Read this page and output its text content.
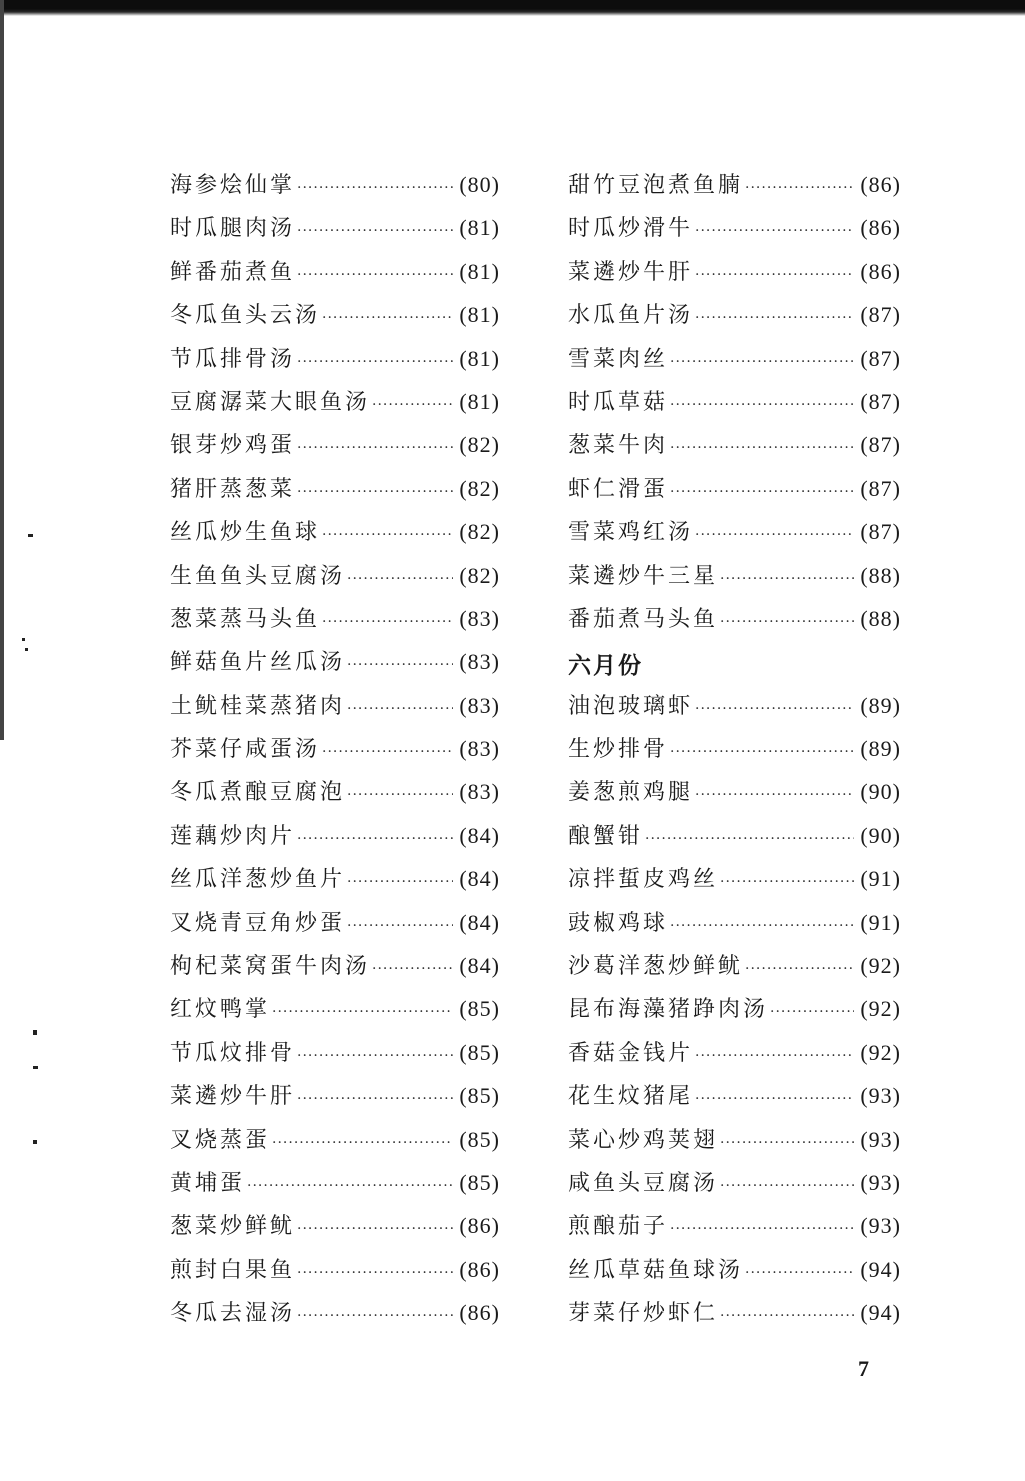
海参烩仙掌 ·····	(80)
时瓜腿肉汤 ·····	(81)
鲜番茄煮鱼 ·····	(81)
冬瓜鱼头云汤 ·····	(81)
节瓜排骨汤 ·····	(81)
豆腐潺菜大眼鱼汤 ·····	(81)
银芽炒鸡蛋 ·····	(82)
猪肝蒸葱菜 ·····	(82)
丝瓜炒生鱼球 ·····	(82)
生鱼鱼头豆腐汤 ·····	(82)
葱菜蒸马头鱼 ·····	(83)
鲜菇鱼片丝瓜汤 ·····	(83)
土鱿桂菜蒸猪肉 ·····	(83)
芥菜仔咸蛋汤 ·····	(83)
冬瓜煮酿豆腐泡 ·····	(83)
莲藕炒肉片 ·····	(84)
丝瓜洋葱炒鱼片 ·····	(84)
叉烧青豆角炒蛋 ·····	(84)
枸杞菜窝蛋牛肉汤 ·····	(84)
红炆鸭掌 ·····	(85)
节瓜炆排骨 ·····	(85)
菜遴炒牛肝 ·····	(85)
叉烧蒸蛋 ·····	(85)
黄埔蛋 ·····	(85)
葱菜炒鲜鱿 ·····	(86)
煎封白果鱼 ·····	(86)
冬瓜去湿汤 ·····	(86)
甜竹豆泡煮鱼腩 ·····	(86)
时瓜炒滑牛 ·····	(86)
菜遴炒牛肝 ·····	(86)
水瓜鱼片汤 ·····	(87)
雪菜肉丝 ·····	(87)
时瓜草菇 ·····	(87)
葱菜牛肉 ·····	(87)
虾仁滑蛋 ·····	(87)
雪菜鸡红汤 ·····	(87)
菜遴炒牛三星 ·····	(88)
番茄煮马头鱼 ·····	(88)
六月份
油泡玻璃虾 ·····	(89)
生炒排骨 ·····	(89)
姜葱煎鸡腿 ·····	(90)
酿蟹钳 ·····	(90)
凉拌蜇皮鸡丝 ·····	(91)
豉椒鸡球 ·····	(91)
沙葛洋葱炒鲜鱿 ·····	(92)
昆布海藻猪踭肉汤 ·····	(92)
香菇金钱片 ·····	(92)
花生炆猪尾 ·····	(93)
菜心炒鸡荚翅 ·····	(93)
咸鱼头豆腐汤 ·····	(93)
煎酿茄子 ·····	(93)
丝瓜草菇鱼球汤 ·····	(94)
芽菜仔炒虾仁 ·····	(94)
7
